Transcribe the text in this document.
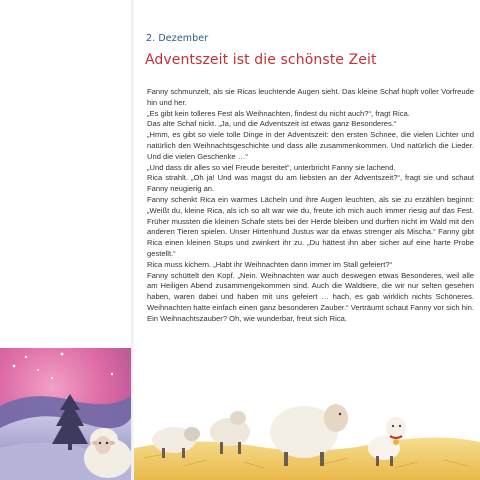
2. Dezember
Adventszeit ist die schönste Zeit

Fanny schmunzelt, als sie Ricas leuchtende Augen sieht. Das kleine Schaf hüpft voller Vorfreude hin und her.

„Es gibt kein tolleres Fest als Weihnachten, findest du nicht auch?“, fragt Rica.

Das alte Schaf nickt. „Ja, und die Adventszeit ist etwas ganz Besonderes.“

„Hmm, es gibt so viele tolle Dinge in der Adventszeit: den ersten Schnee, die vielen Lichter und natürlich den Weihnachtsgeschichte und dass alle zusammenkommen. Und natürlich die Lieder. Und die vielen Geschenke …“

„Und dass dir alles so viel Freude bereitet“, unterbricht Fanny sie lachend.

Rica strahlt. „Oh ja! Und was magst du am liebsten an der Adventszeit?“, fragt sie und schaut Fanny neugierig an.

Fanny schenkt Rica ein warmes Lächeln und ihre Augen leuchten, als sie zu erzählen beginnt: „Weißt du, kleine Rica, als ich so alt war wie du, freute ich mich auch immer riesig auf das Fest. Früher mussten die kleinen Schafe stets bei der Herde bleiben und durften nicht im Wald mit den anderen Tieren spielen. Unser Hirtenhund Justus war da etwas strenger als Mischa.“ Fanny gibt Rica einen kleinen Stups und zwinkert ihr zu. „Du hättest ihn aber sicher auf eine harte Probe gestellt.“

Rica muss kichern. „Habt ihr Weihnachten dann immer im Stall gefeiert?“

Fanny schüttelt den Kopf. „Nein. Weihnachten war auch deswegen etwas Besonderes, weil alle am Heiligen Abend zusammengekommen sind. Auch die Waldtiere, die wir nur selten gesehen haben, waren dabei und haben mit uns gefeiert … hach, es gab wirklich nichts Schöneres. Weihnachten hatte einfach einen ganz besonderen Zauber.“ Verträumt schaut Fanny vor sich hin.

Ein Weihnachtszauber? Oh, wie wunderbar, freut sich Rica.
